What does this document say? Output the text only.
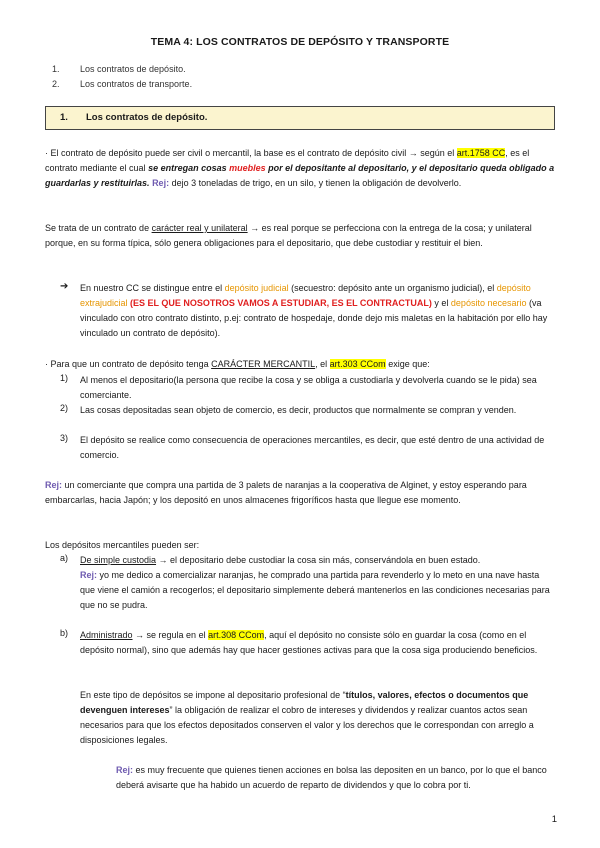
TEMA 4: LOS CONTRATOS DE DEPÓSITO Y TRANSPORTE
1. Los contratos de depósito.
2. Los contratos de transporte.
1. Los contratos de depósito.
· El contrato de depósito puede ser civil o mercantil, la base es el contrato de depósito civil → según el art.1758 CC, es el contrato mediante el cual se entregan cosas muebles por el depositante al depositario, y el depositario queda obligado a guardarlas y restituirlas. Rej: dejo 3 toneladas de trigo, en un silo, y tienen la obligación de devolverlo.
Se trata de un contrato de carácter real y unilateral → es real porque se perfecciona con la entrega de la cosa; y unilateral porque, en su forma típica, sólo genera obligaciones para el depositario, que debe custodiar y restituir el bien.
➔ En nuestro CC se distingue entre el depósito judicial (secuestro: depósito ante un organismo judicial), el depósito extrajudicial (ES EL QUE NOSOTROS VAMOS A ESTUDIAR, ES EL CONTRACTUAL) y el depósito necesario (va vinculado con otro contrato distinto, p.ej: contrato de hospedaje, donde dejo mis maletas en la habitación por ello hay vinculado un contrato de depósito).
· Para que un contrato de depósito tenga CARÁCTER MERCANTIL, el art.303 CCom exige que:
1) Al menos el depositario(la persona que recibe la cosa y se obliga a custodiarla y devolverla cuando se le pida) sea comerciante.
2) Las cosas depositadas sean objeto de comercio, es decir, productos que normalmente se compran y venden.
3) El depósito se realice como consecuencia de operaciones mercantiles, es decir, que esté dentro de una actividad de comercio.
Rej: un comerciante que compra una partida de 3 palets de naranjas a la cooperativa de Alginet, y estoy esperando para embarcarlas, hacia Japón; y los depositó en unos almacenes frigoríficos hasta que llegue ese momento.
Los depósitos mercantiles pueden ser:
a) De simple custodia → el depositario debe custodiar la cosa sin más, conservándola en buen estado.
Rej: yo me dedico a comercializar naranjas, he comprado una partida para revenderlo y lo meto en una nave hasta que viene el camión a recogerlos; el depositario simplemente deberá mantenerlos en las condiciones necesarias para que no se pudra.
b) Administrado → se regula en el art.308 CCom, aquí el depósito no consiste sólo en guardar la cosa (como en el depósito normal), sino que además hay que hacer gestiones activas para que la cosa siga produciendo beneficios.
En este tipo de depósitos se impone al depositario profesional de “títulos, valores, efectos o documentos que devenguen intereses” la obligación de realizar el cobro de intereses y dividendos y realizar cuantos actos sean necesarios para que los efectos depositados conserven el valor y los derechos que le correspondan con arreglo a disposiciones legales.
Rej: es muy frecuente que quienes tienen acciones en bolsa las depositen en un banco, por lo que el banco deberá avisarte que ha habido un acuerdo de reparto de dividendos y que lo cobra por ti.
1
